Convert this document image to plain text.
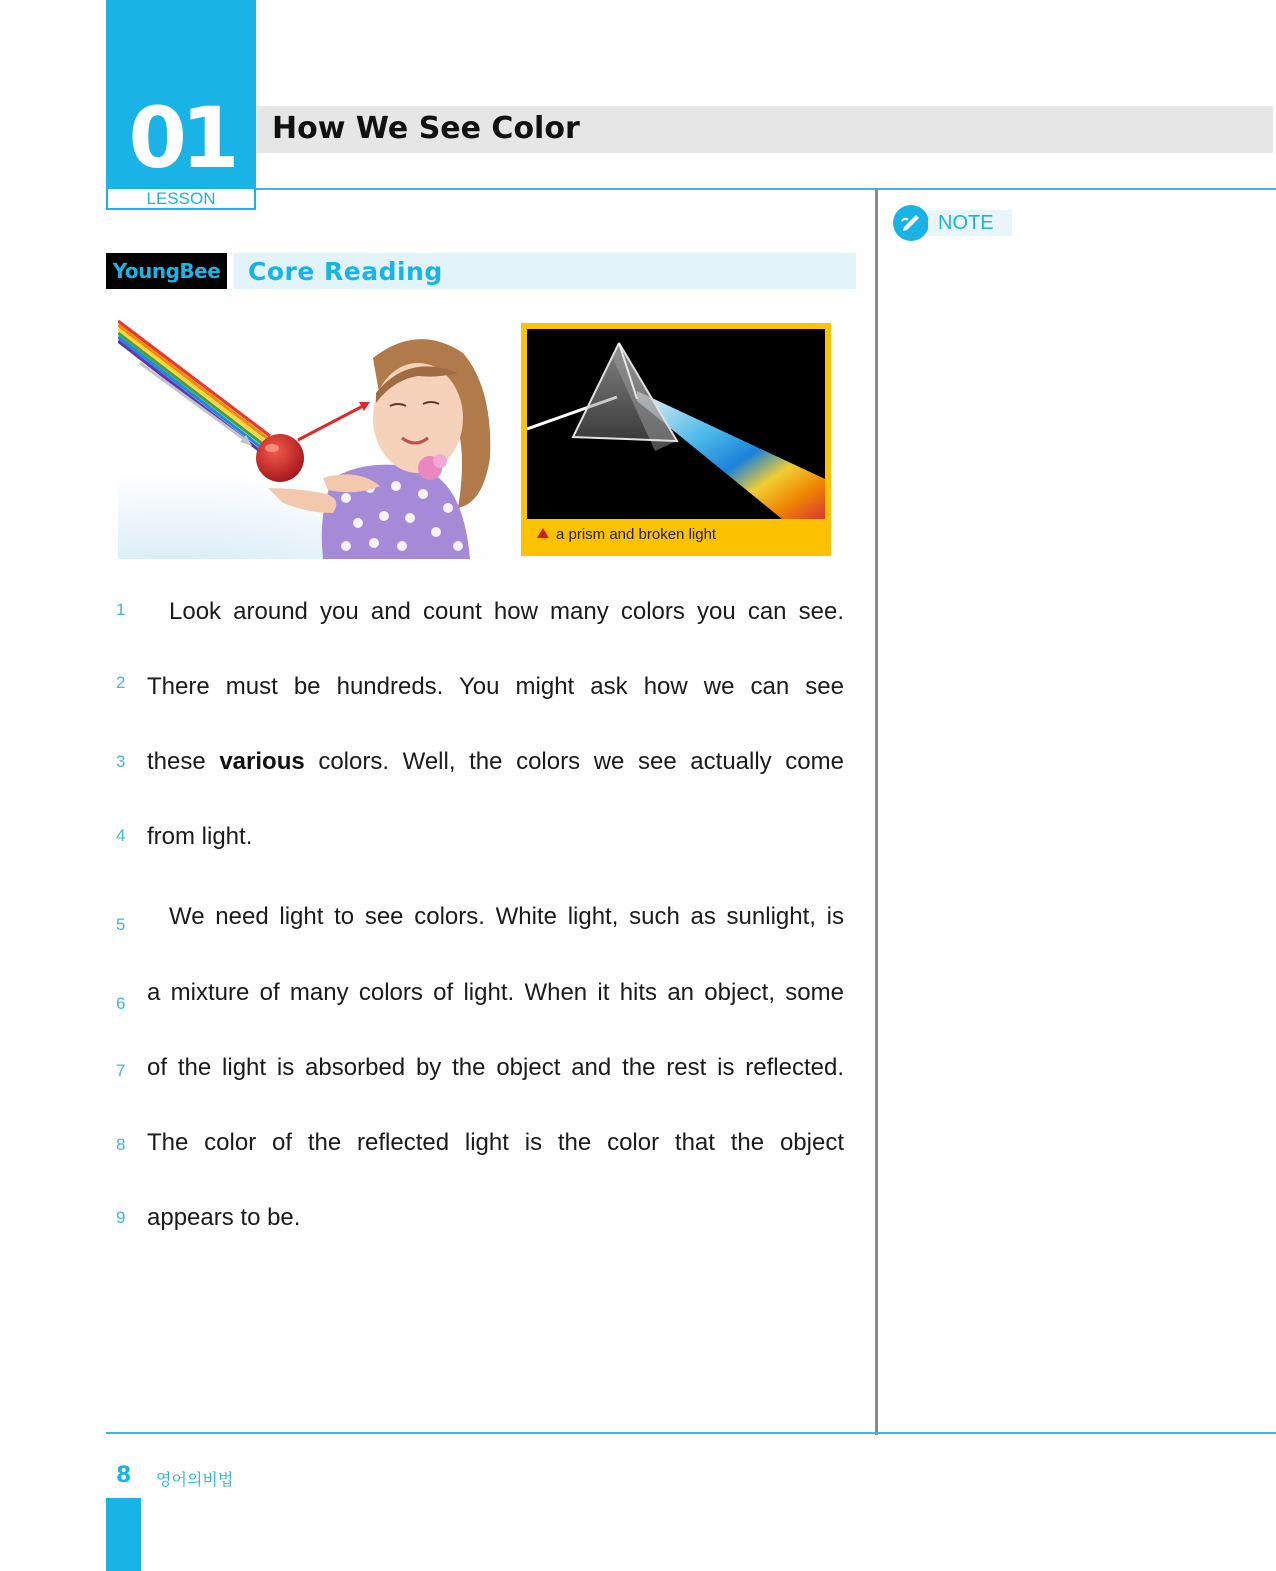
01
LESSON
How We See Color
NOTE
YoungBee Core Reading
a prism and broken light
1 Look around you and count how many colors you can see.
2 There must be hundreds. You might ask how we can see
3 these various colors. Well, the colors we see actually come
4 from light.
5 We need light to see colors. White light, such as sunlight, is
6 a mixture of many colors of light. When it hits an object, some
7 of the light is absorbed by the object and the rest is reflected.
8 The color of the reflected light is the color that the object
9 appears to be.
8 영어의비법
